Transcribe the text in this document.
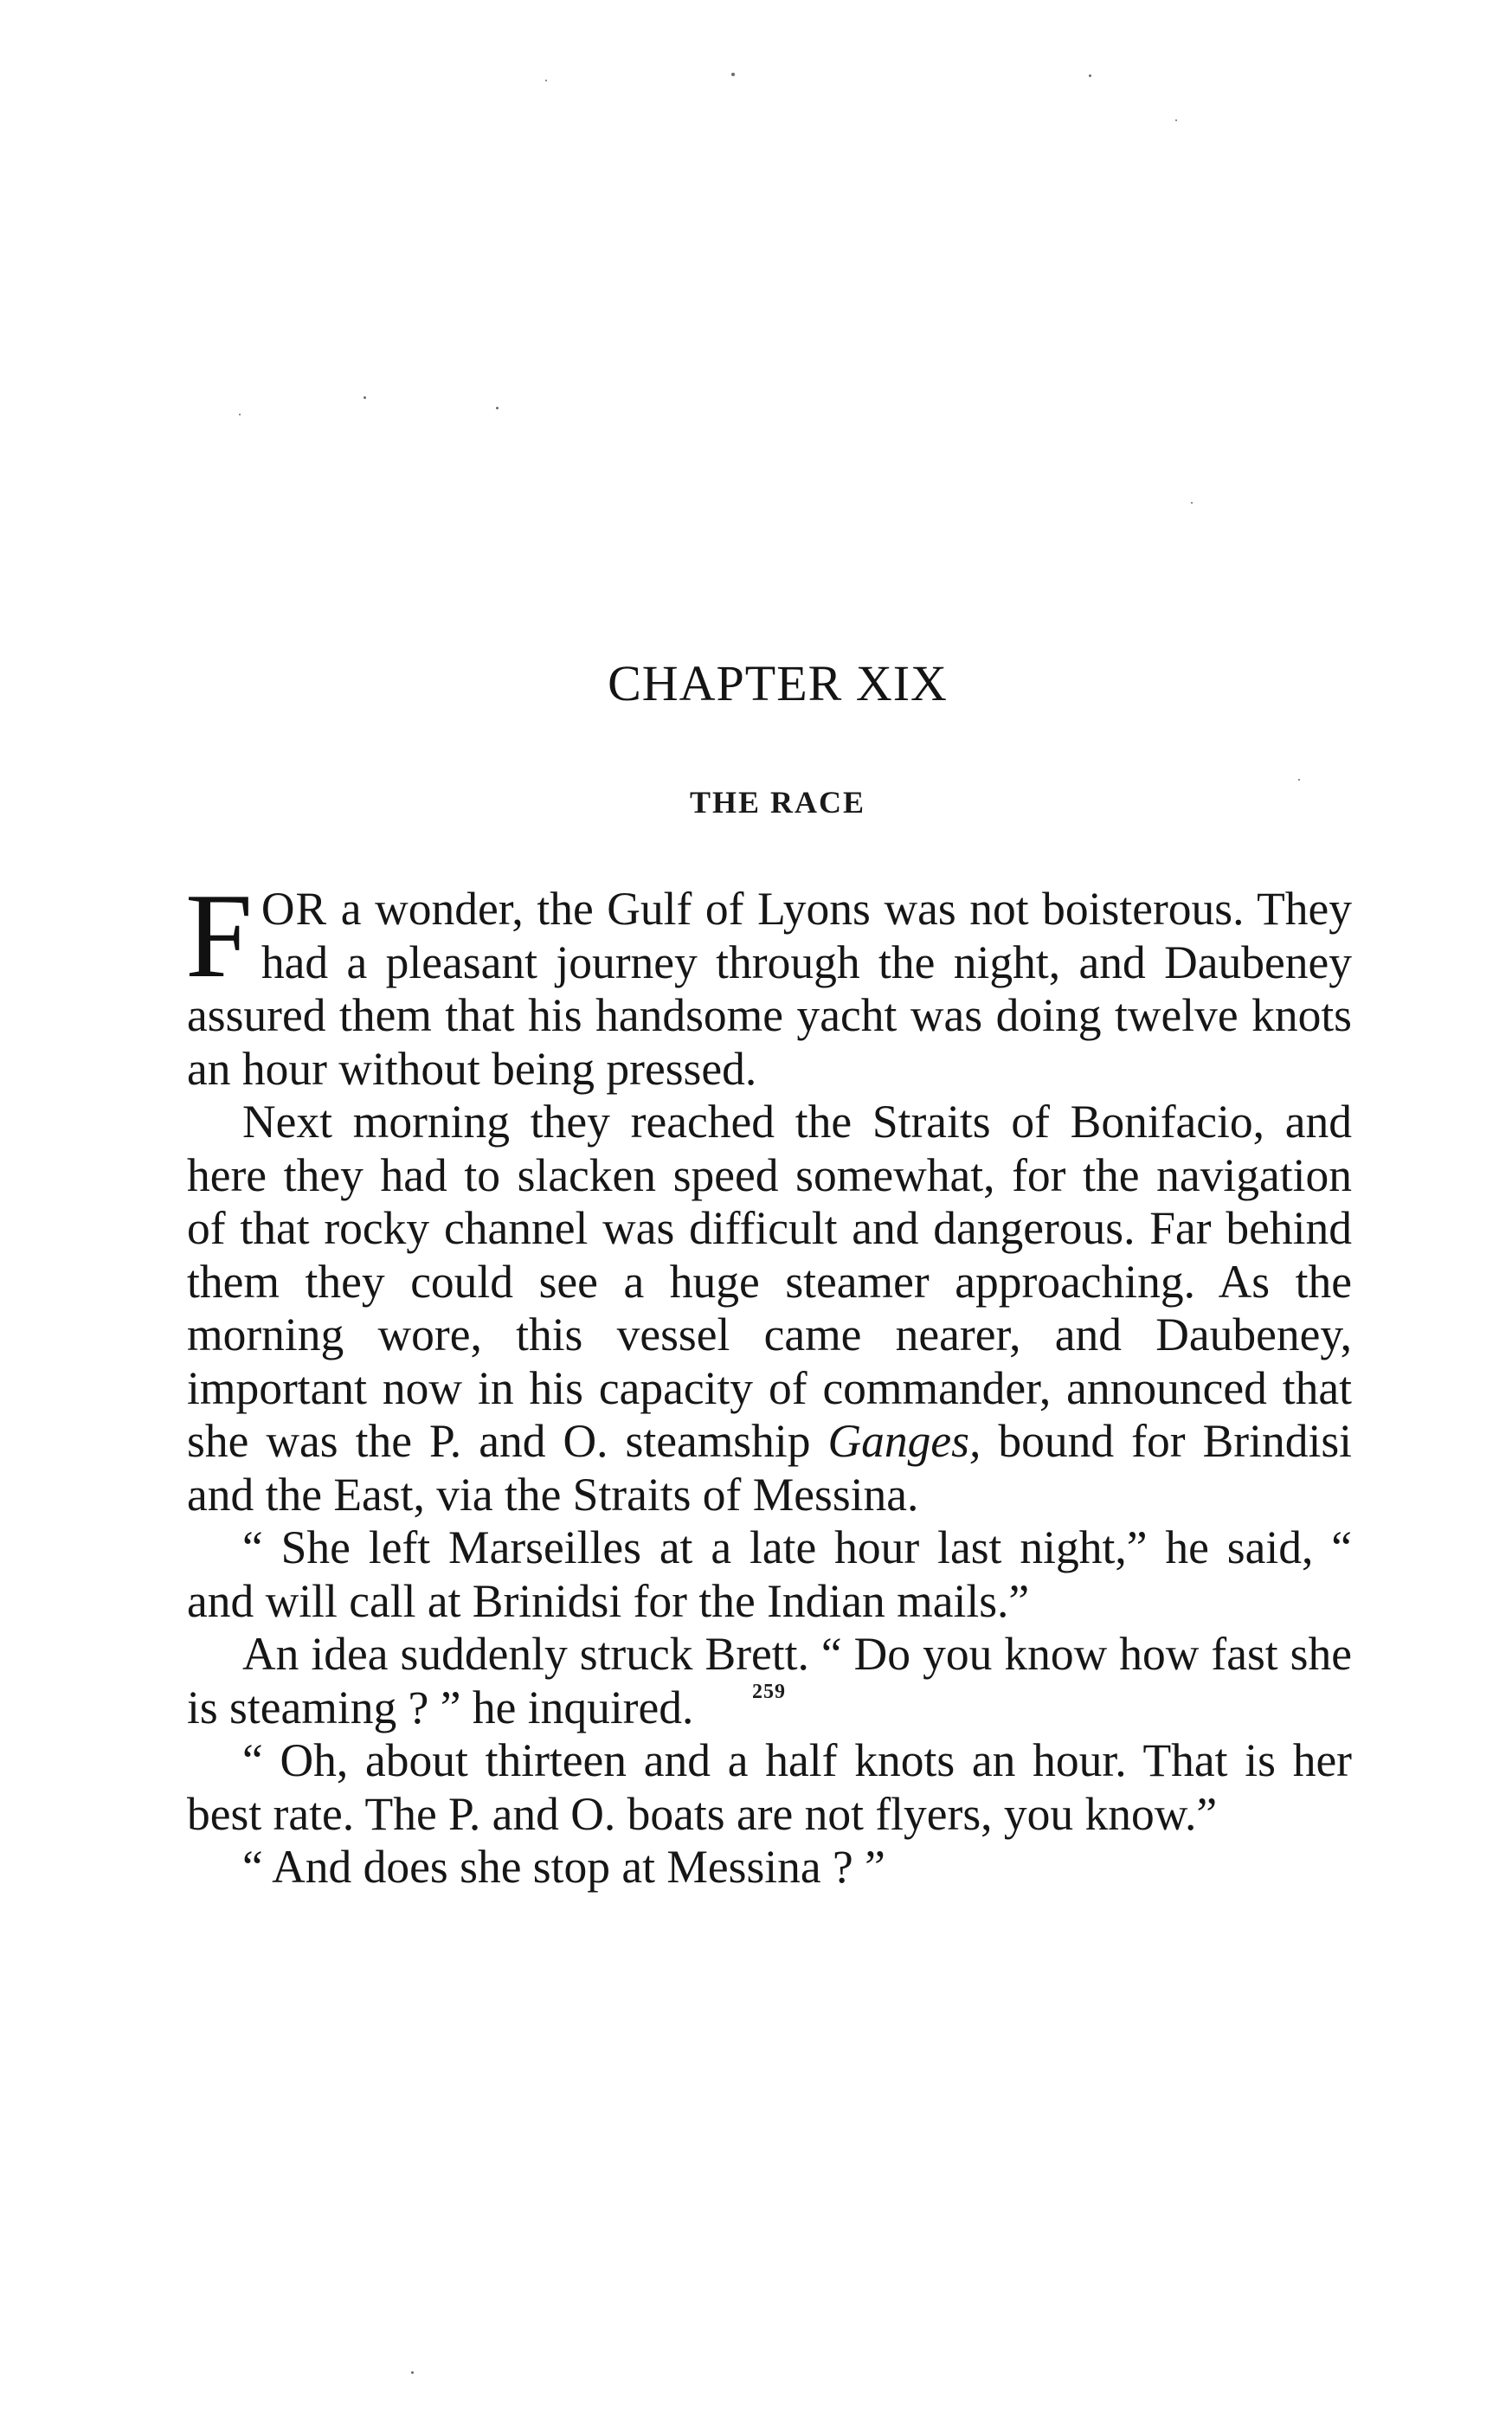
CHAPTER XIX
THE RACE

FOR a wonder, the Gulf of Lyons was not boisterous. They had a pleasant journey through the night, and Daubeney assured them that his handsome yacht was doing twelve knots an hour without being pressed.

Next morning they reached the Straits of Bonifacio, and here they had to slacken speed somewhat, for the navigation of that rocky channel was difficult and dangerous. Far behind them they could see a huge steamer approaching. As the morning wore, this vessel came nearer, and Daubeney, important now in his capacity of commander, announced that she was the P. and O. steamship Ganges, bound for Brindisi and the East, via the Straits of Messina.

“ She left Marseilles at a late hour last night,” he said, “ and will call at Brinidsi for the Indian mails.”

An idea suddenly struck Brett. “ Do you know how fast she is steaming ? ” he inquired.

“ Oh, about thirteen and a half knots an hour. That is her best rate. The P. and O. boats are not flyers, you know.”

“ And does she stop at Messina ? ”

259
